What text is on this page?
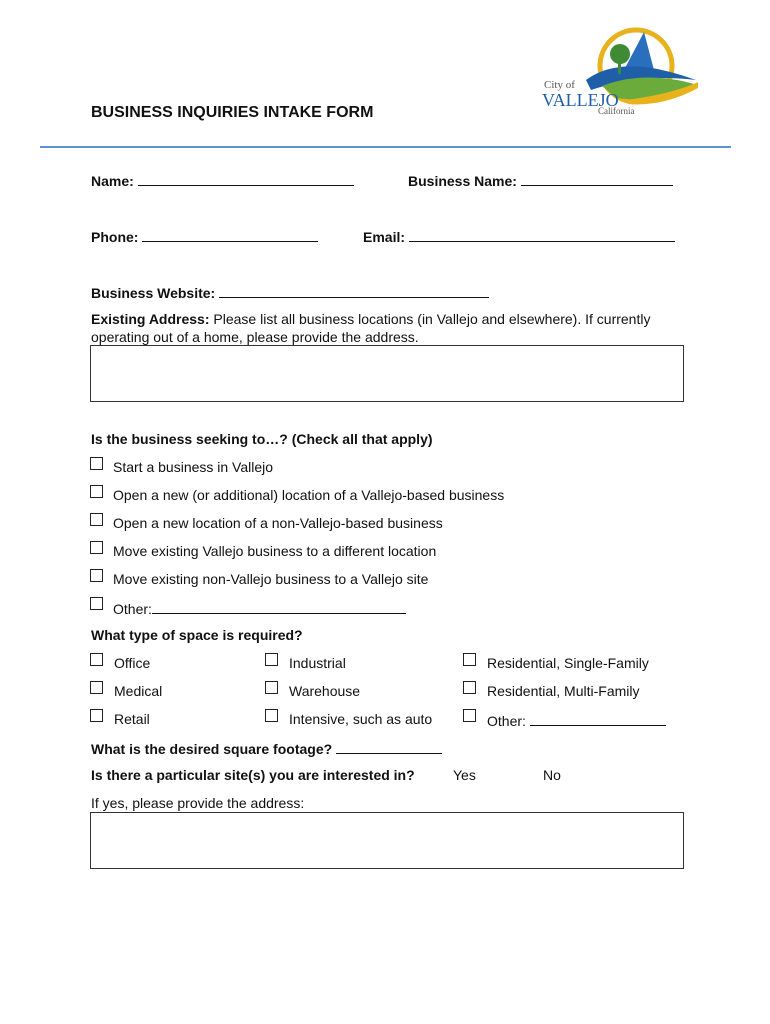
City of
VALLEJO
California
BUSINESS INQUIRIES INTAKE FORM
Name:	Business Name:
Phone:	Email:
Business Website:
Existing Address: Please list all business locations (in Vallejo and elsewhere). If currently
operating out of a home, please provide the address.
Is the business seeking to…? (Check all that apply)
Start a business in Vallejo
Open a new (or additional) location of a Vallejo-based business
Open a new location of a non-Vallejo-based business
Move existing Vallejo business to a different location
Move existing non-Vallejo business to a Vallejo site
Other:
What type of space is required?
Office	Industrial	Residential, Single-Family
Medical	Warehouse	Residential, Multi-Family
Retail	Intensive, such as auto	Other:
What is the desired square footage?
Is there a particular site(s) you are interested in?	Yes	No
If yes, please provide the address:
